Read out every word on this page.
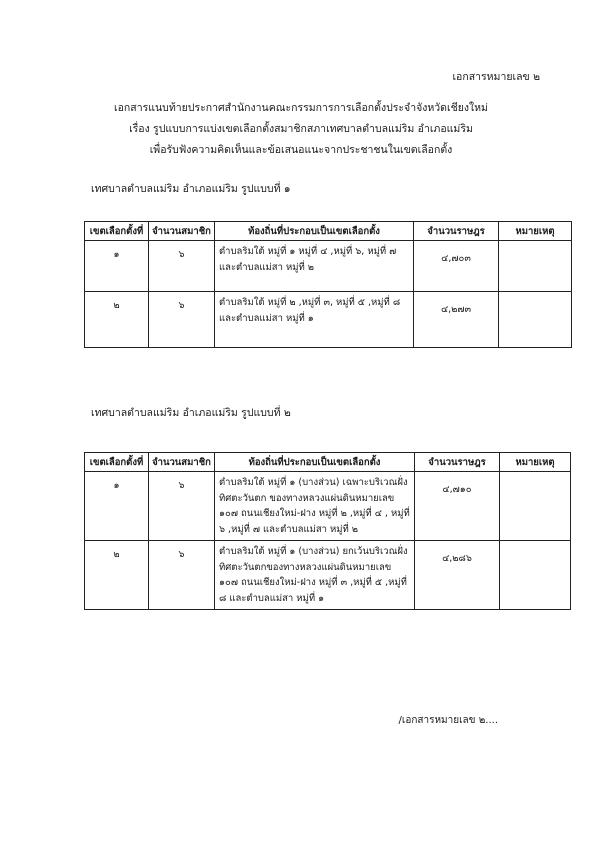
เอกสารหมายเลข ๒
เอกสารแนบท้ายประกาศสำนักงานคณะกรรมการการเลือกตั้งประจำจังหวัดเชียงใหม่
เรื่อง รูปแบบการแบ่งเขตเลือกตั้งสมาชิกสภาเทศบาลตำบลแม่ริม อำเภอแม่ริม
เพื่อรับฟังความคิดเห็นและข้อเสนอแนะจากประชาชนในเขตเลือกตั้ง
เทศบาลตำบลแม่ริม อำเภอแม่ริม รูปแบบที่ ๑
เขตเลือกตั้งที่	จำนวนสมาชิก	ท้องถิ่นที่ประกอบเป็นเขตเลือกตั้ง	จำนวนราษฎร	หมายเหตุ
๑	๖	ตำบลริมใต้ หมู่ที่ ๑ หมู่ที่ ๔ ,หมู่ที่ ๖, หมู่ที่ ๗ และตำบลแม่สา หมู่ที่ ๒	๔,๗๐๓	
๒	๖	ตำบลริมใต้ หมู่ที่ ๒ ,หมู่ที่ ๓, หมู่ที่ ๕ ,หมู่ที่ ๘ และตำบลแม่สา หมู่ที่ ๑	๔,๒๗๓	
เทศบาลตำบลแม่ริม อำเภอแม่ริม รูปแบบที่ ๒
เขตเลือกตั้งที่	จำนวนสมาชิก	ท้องถิ่นที่ประกอบเป็นเขตเลือกตั้ง	จำนวนราษฎร	หมายเหตุ
๑	๖	ตำบลริมใต้ หมู่ที่ ๑ (บางส่วน) เฉพาะบริเวณฝั่งทิศตะวันตก ของทางหลวงแผ่นดินหมายเลข ๑๐๗ ถนนเชียงใหม่-ฝาง หมู่ที่ ๒ ,หมู่ที่ ๔ , หมู่ที่ ๖ ,หมู่ที่ ๗ และตำบลแม่สา หมู่ที่ ๒	๔,๗๑๐	
๒	๖	ตำบลริมใต้ หมู่ที่ ๑ (บางส่วน) ยกเว้นบริเวณฝั่งทิศตะวันตกของทางหลวงแผ่นดินหมายเลข ๑๐๗ ถนนเชียงใหม่-ฝาง หมู่ที่ ๓ ,หมู่ที่ ๕ ,หมู่ที่ ๘ และตำบลแม่สา หมู่ที่ ๑	๔,๒๘๖	
/เอกสารหมายเลข ๒....
